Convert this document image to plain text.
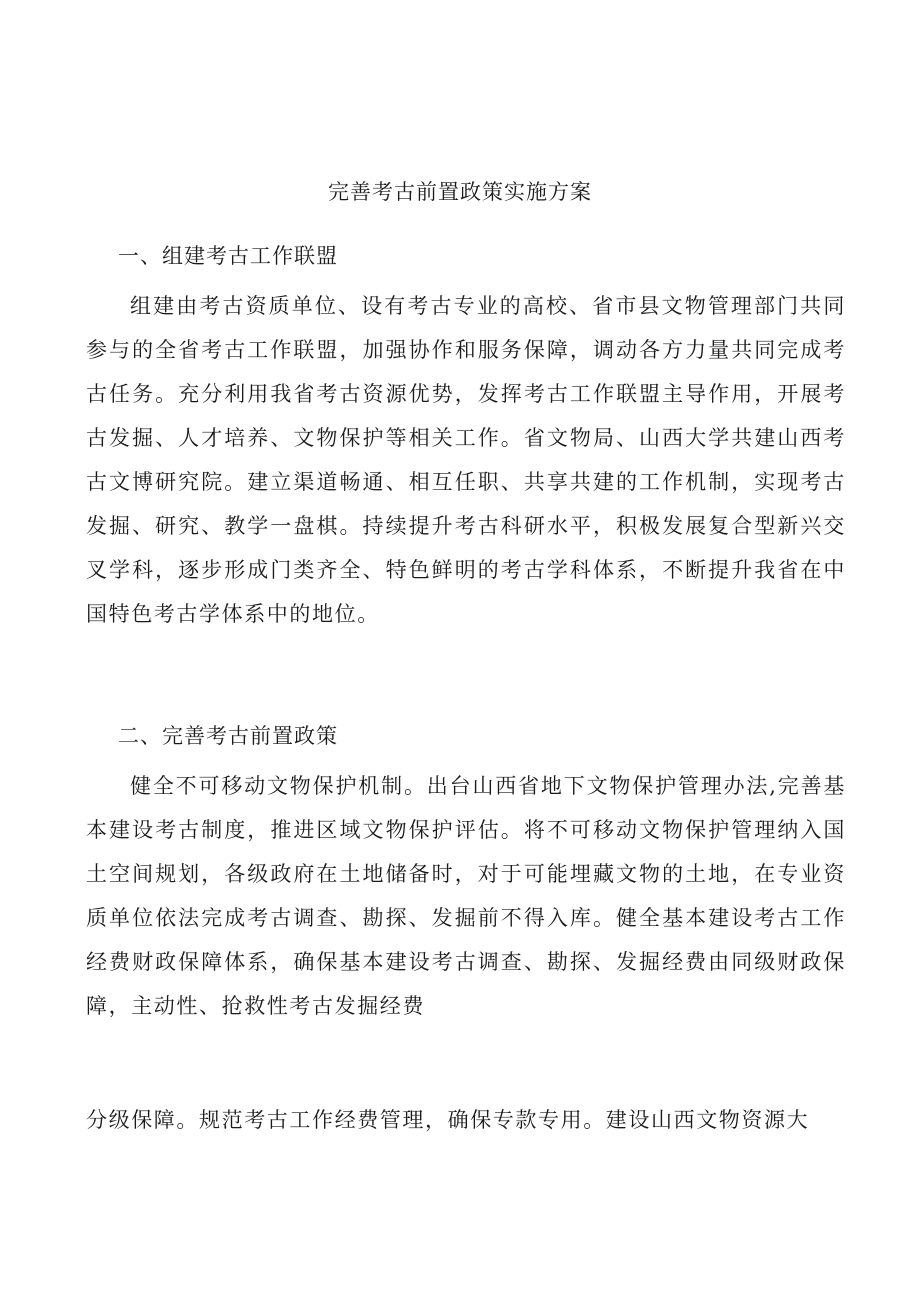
完善考古前置政策实施方案
一、组建考古工作联盟

组建由考古资质单位、设有考古专业的高校、省市县文物管理部门共同参与的全省考古工作联盟，加强协作和服务保障，调动各方力量共同完成考古任务。充分利用我省考古资源优势，发挥考古工作联盟主导作用，开展考古发掘、人才培养、文物保护等相关工作。省文物局、山西大学共建山西考古文博研究院。建立渠道畅通、相互任职、共享共建的工作机制，实现考古发掘、研究、教学一盘棋。持续提升考古科研水平，积极发展复合型新兴交叉学科，逐步形成门类齐全、特色鲜明的考古学科体系，不断提升我省在中国特色考古学体系中的地位。

二、完善考古前置政策

健全不可移动文物保护机制。出台山西省地下文物保护管理办法,完善基本建设考古制度，推进区域文物保护评估。将不可移动文物保护管理纳入国土空间规划，各级政府在土地储备时，对于可能埋藏文物的土地，在专业资质单位依法完成考古调查、勘探、发掘前不得入库。健全基本建设考古工作经费财政保障体系，确保基本建设考古调查、勘探、发掘经费由同级财政保障，主动性、抢救性考古发掘经费

分级保障。规范考古工作经费管理，确保专款专用。建设山西文物资源大
